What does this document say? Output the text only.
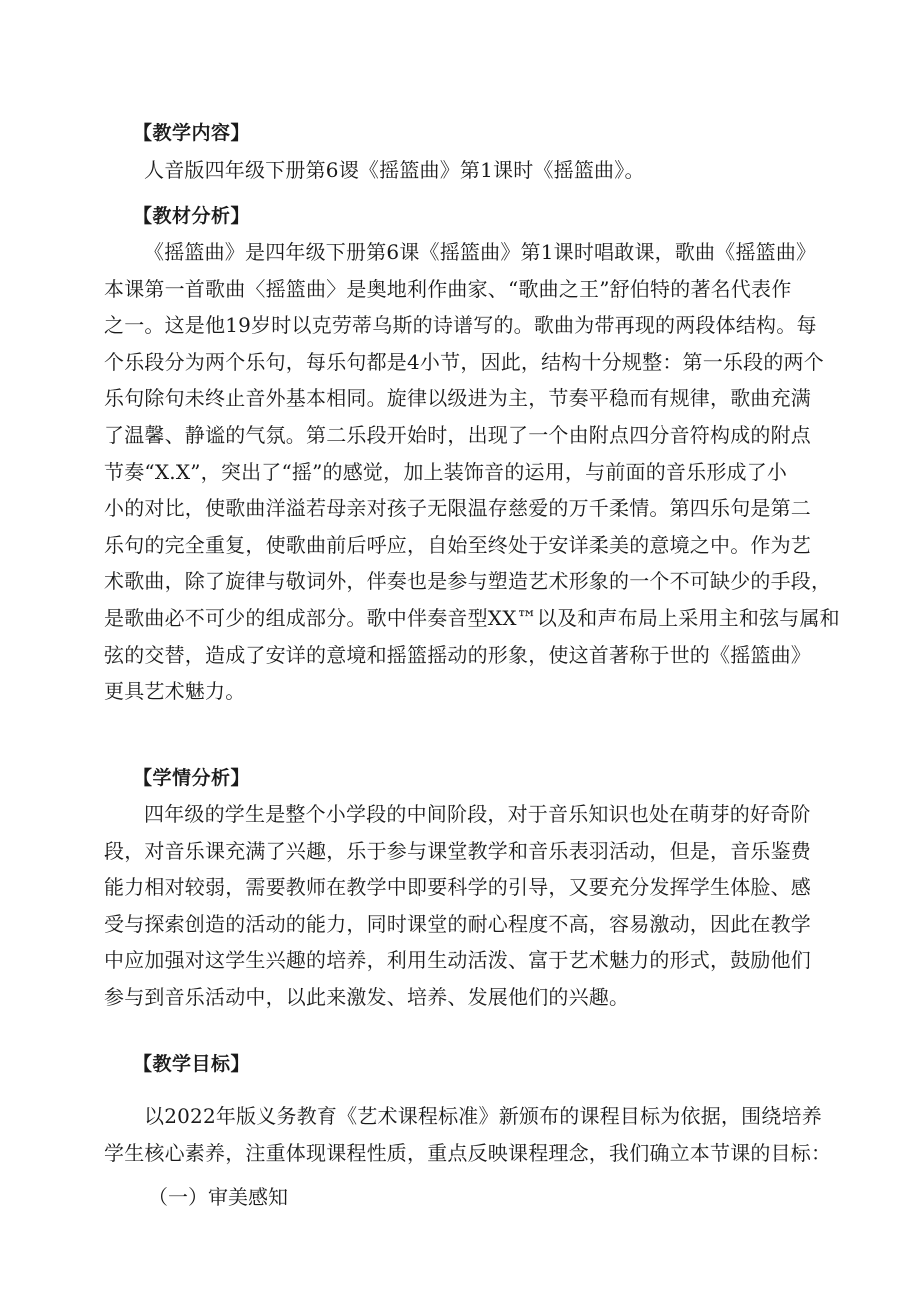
【教学内容】

人音版四年级下册第6谡《摇篮曲》第1课时《摇篮曲》。

【教材分析】

《摇篮曲》是四年级下册第6课《摇篮曲》第1课时唱敢课，歌曲《摇篮曲》
本课第一首歌曲〈摇篮曲〉是奥地利作曲家、“歌曲之王”舒伯特的著名代表作
之一。这是他19岁时以克劳蒂乌斯的诗谱写的。歌曲为带再现的两段体结构。每
个乐段分为两个乐句，每乐句都是4小节，因此，结构十分规整：第一乐段的两个
乐句除句未终止音外基本相同。旋律以级进为主，节奏平稳而有规律，歌曲充满
了温馨、静谧的气氛。第二乐段开始时，出现了一个由附点四分音符构成的附点
节奏“X.X”，突出了“摇”的感觉，加上装饰音的运用，与前面的音乐形成了小
小的对比，使歌曲洋溢若母亲对孩子无限温存慈爱的万千柔情。第四乐句是第二
乐句的完全重复，使歌曲前后呼应，自始至终处于安详柔美的意境之中。作为艺
术歌曲，除了旋律与敬词外，伴奏也是参与塑造艺术形象的一个不可缺少的手段，
是歌曲必不可少的组成部分。歌中伴奏音型XX™以及和声布局上采用主和弦与属和
弦的交替，造成了安详的意境和摇篮摇动的形象，使这首著称于世的《摇篮曲》
更具艺术魅力。

【学情分析】

四年级的学生是整个小学段的中间阶段，对于音乐知识也处在萌芽的好奇阶
段，对音乐课充满了兴趣，乐于参与课堂教学和音乐表羽活动，但是，音乐鉴费
能力相对较弱，需要教师在教学中即要科学的引导，又要充分发挥学生体脸、感
受与探索创造的活动的能力，同时课堂的耐心程度不高，容易激动，因此在教学
中应加强对这学生兴趣的培养，利用生动活泼、富于艺术魅力的形式，鼓励他们
参与到音乐活动中，以此来激发、培养、发展他们的兴趣。

【教学目标】

以2022年版义务教育《艺术课程标准》新颁布的课程目标为依据，围绕培养
学生核心素养，注重体现课程性质，重点反映课程理念，我们确立本节课的目标：

（一）审美感知
